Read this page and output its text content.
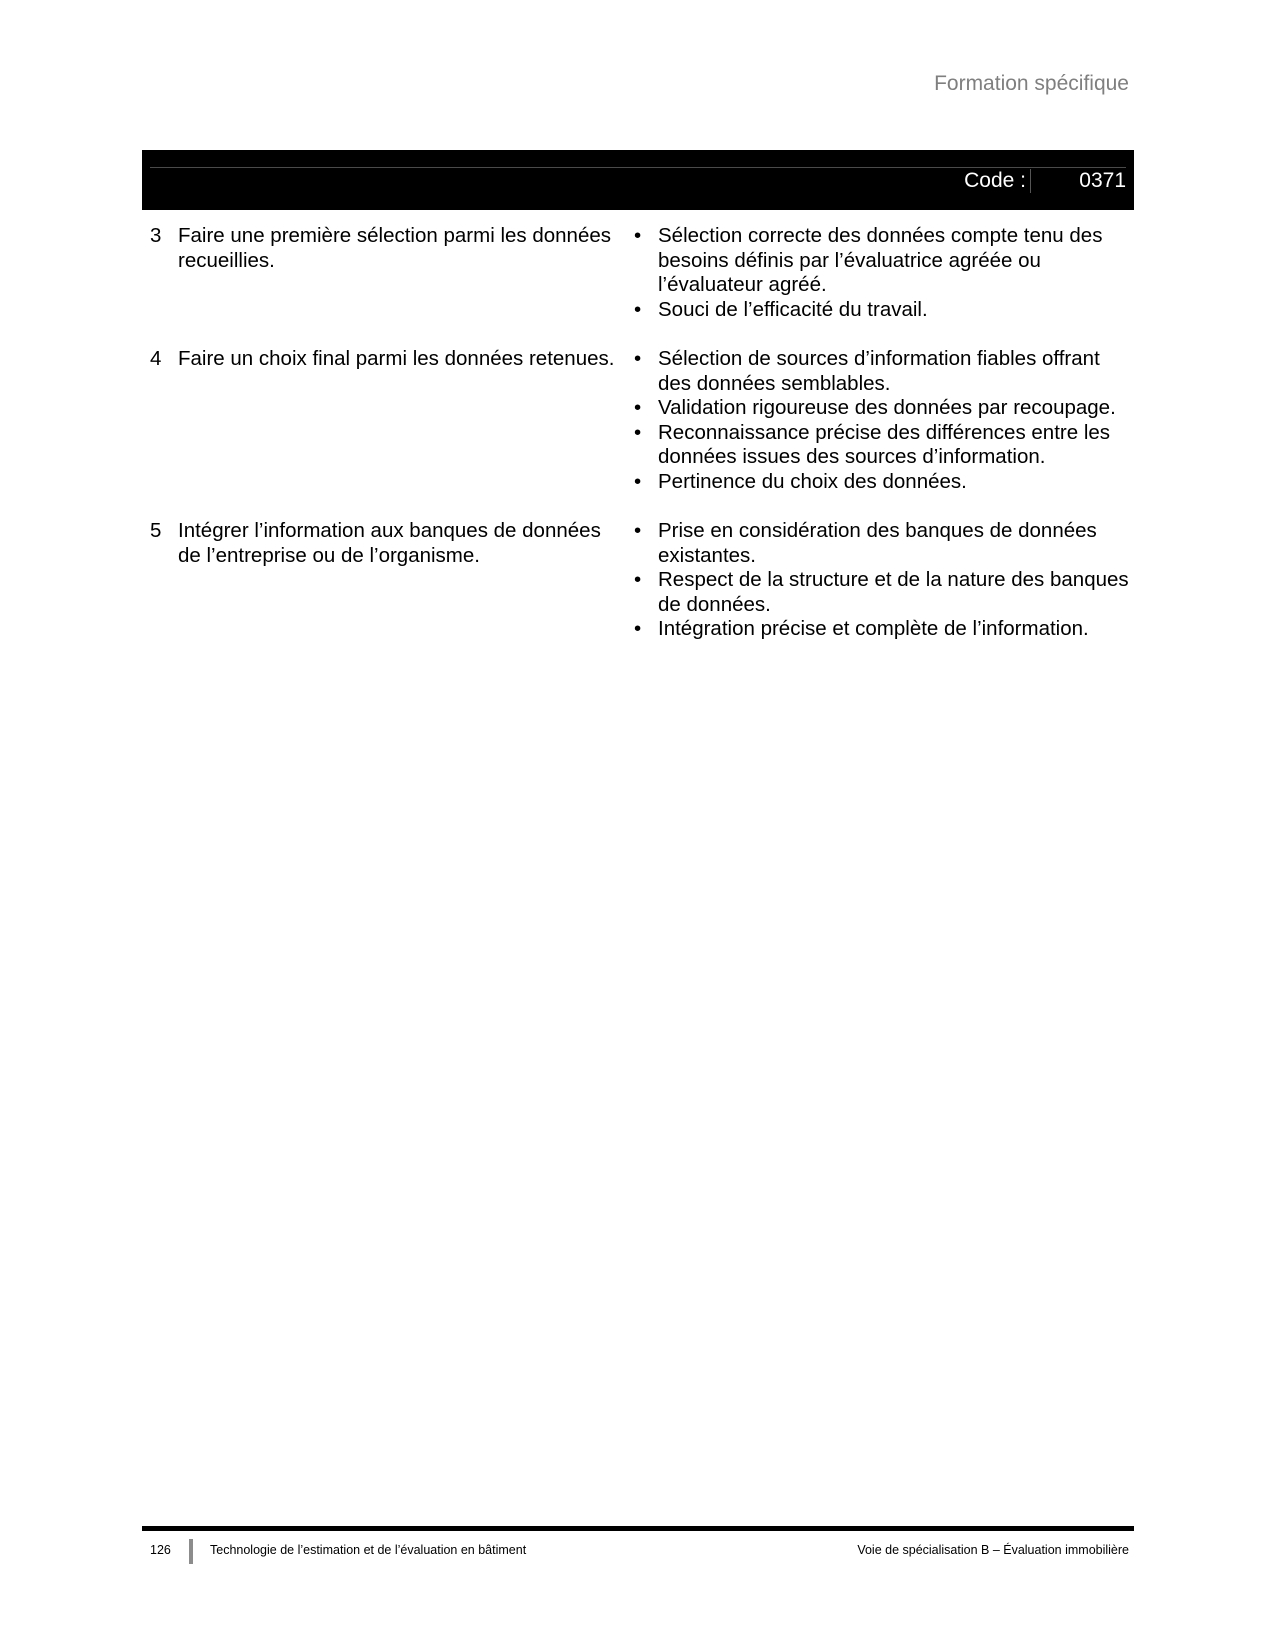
Formation spécifique
Code :	0371
3 Faire une première sélection parmi les données recueillies.
• Sélection correcte des données compte tenu des besoins définis par l’évaluatrice agréée ou l’évaluateur agréé.
• Souci de l’efficacité du travail.
4 Faire un choix final parmi les données retenues. • Sélection de sources d’information fiables offrant des données semblables.
• Validation rigoureuse des données par recoupage.
• Reconnaissance précise des différences entre les données issues des sources d’information.
• Pertinence du choix des données.
5 Intégrer l’information aux banques de données de l’entreprise ou de l’organisme.
• Prise en considération des banques de données existantes.
• Respect de la structure et de la nature des banques de données.
• Intégration précise et complète de l’information.
126	Technologie de l’estimation et de l’évaluation en bâtiment	Voie de spécialisation B – Évaluation immobilière
